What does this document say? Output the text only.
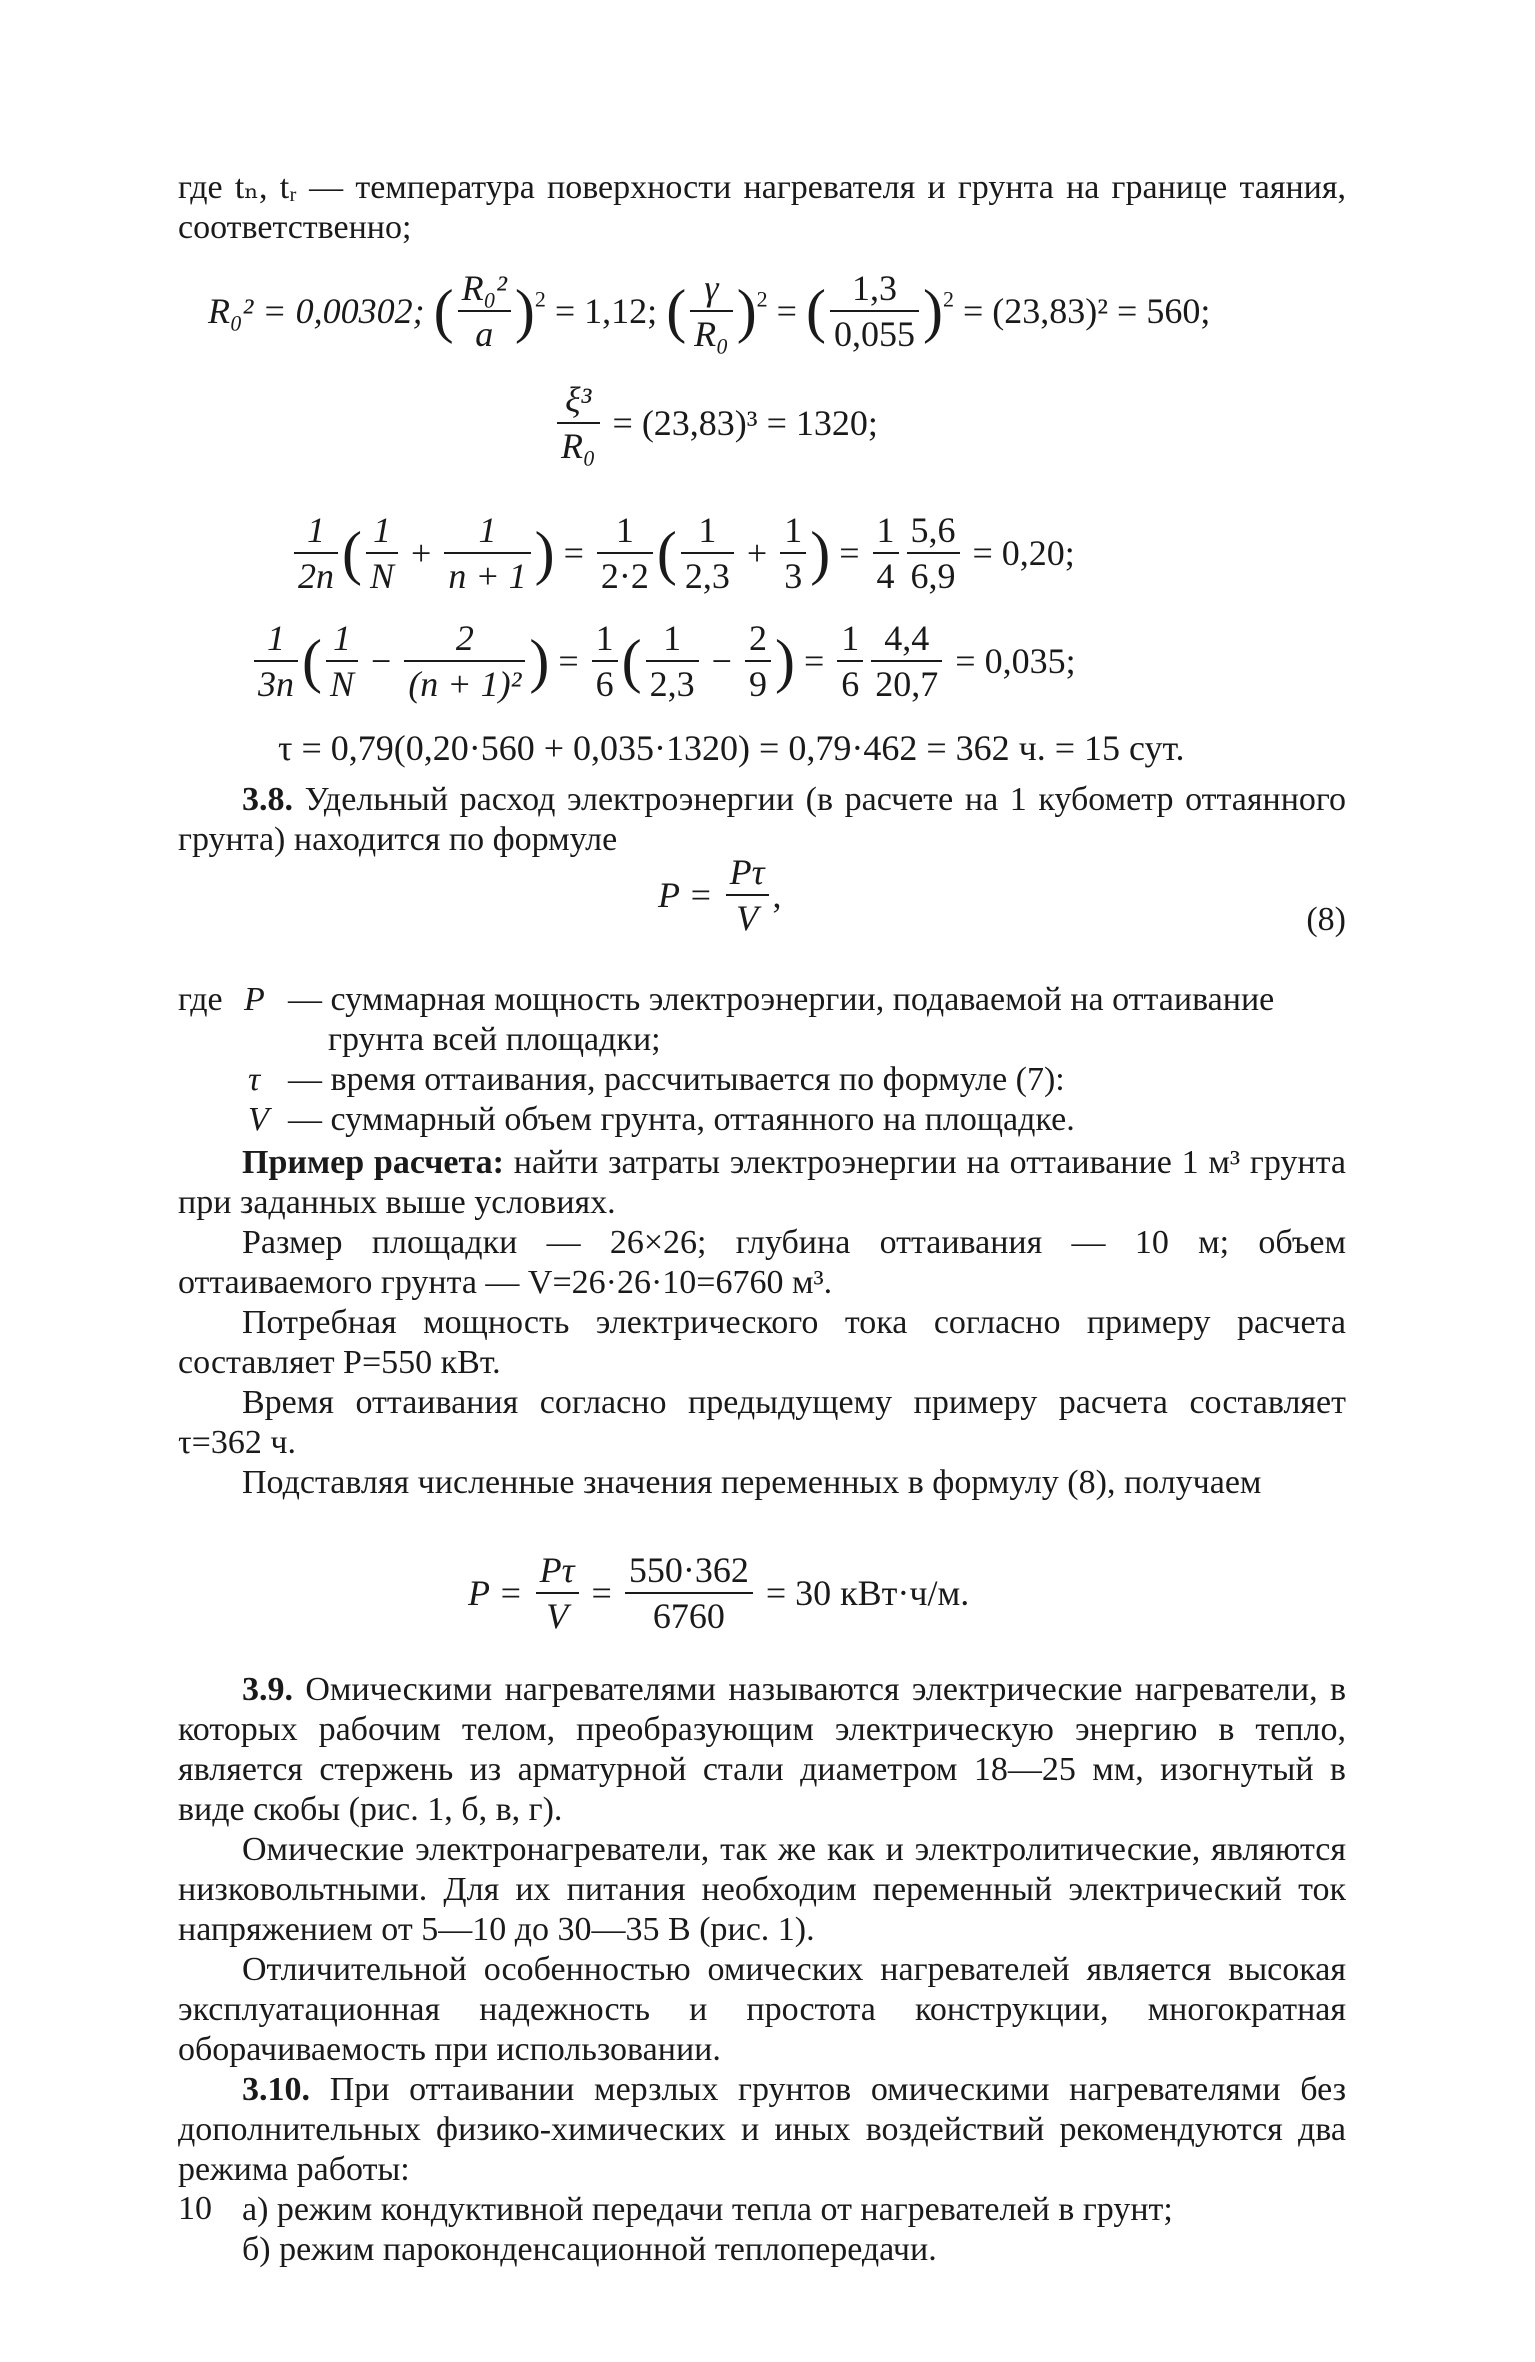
где tₙ, tᵣ — температура поверхности нагревателя и грунта на границе таяния, соответственно;
R₀² = 0,00302; ( $\frac{\text{R₀²}}{a} )^2 = 1,12$; ( $\frac{\gamma}{\text{R₀}} )^2$ = ( $\frac{1,3}{0,055} )^2 = (23,83)^2 = 560$;
$\frac{\text{ξ³}}{\text{R₀}} = (23,83)^3 = 1320$;
$\frac{1}{2n}$ ( $\frac{1}{N} + \frac{1}{n + 1}$ ) = $\frac{1}{2\cdot 2}$ ( $\frac{1}{2,3} + \frac{1}{3}$ ) = $\frac{1}{4} \frac{5,6}{6,9} = 0,20$;
$\frac{1}{3n}$ ( $\frac{1}{N} - \frac{2}{\text{(n + 1)²}}$ ) = $\frac{1}{6}$ ( $\frac{1}{2,3} - \frac{2}{9}$ ) = $\frac{1}{6} \frac{4,4}{20,7} = 0,035$;
τ = 0,79(0,20·560 + 0,035·1320) = 0,79·462 = 362 ч. = 15 сут.
3.8. Удельный расход электроэнергии (в расчете на 1 кубометр оттаянного грунта) находится по формуле
$P = \frac{P\tau}{V}$ ,
(8)
где P — суммарная мощность электроэнергии, подаваемой на оттаивание грунта всей площадки;
τ — время оттаивания, рассчитывается по формуле (7):
V — суммарный объем грунта, оттаянного на площадке.
Пример расчета: найти затраты электроэнергии на оттаивание 1 м³ грунта при заданных выше условиях.
Размер площадки — 26×26; глубина оттаивания — 10 м; объем оттаиваемого грунта — V=26·26·10=6760 м³.
Потребная мощность электрического тока согласно примеру расчета составляет P=550 кВт.
Время оттаивания согласно предыдущему примеру расчета составляет τ=362 ч.
Подставляя численные значения переменных в формулу (8), получаем
$P = \frac{P\tau}{V} = \frac{550\cdot 362}{6760} = 30$ кВт·ч/м.
3.9. Омическими нагревателями называются электрические нагреватели, в которых рабочим телом, преобразующим электрическую энергию в тепло, является стержень из арматурной стали диаметром 18—25 мм, изогнутый в виде скобы (рис. 1, б, в, г).
Омические электронагреватели, так же как и электролитические, являются низковольтными. Для их питания необходим переменный электрический ток напряжением от 5—10 до 30—35 В (рис. 1).
Отличительной особенностью омических нагревателей является высокая эксплуатационная надежность и простота конструкции, многократная оборачиваемость при использовании.
3.10. При оттаивании мерзлых грунтов омическими нагревателями без дополнительных физико-химических и иных воздействий рекомендуются два режима работы:
а) режим кондуктивной передачи тепла от нагревателей в грунт;
б) режим пароконденсационной теплопередачи.
10
